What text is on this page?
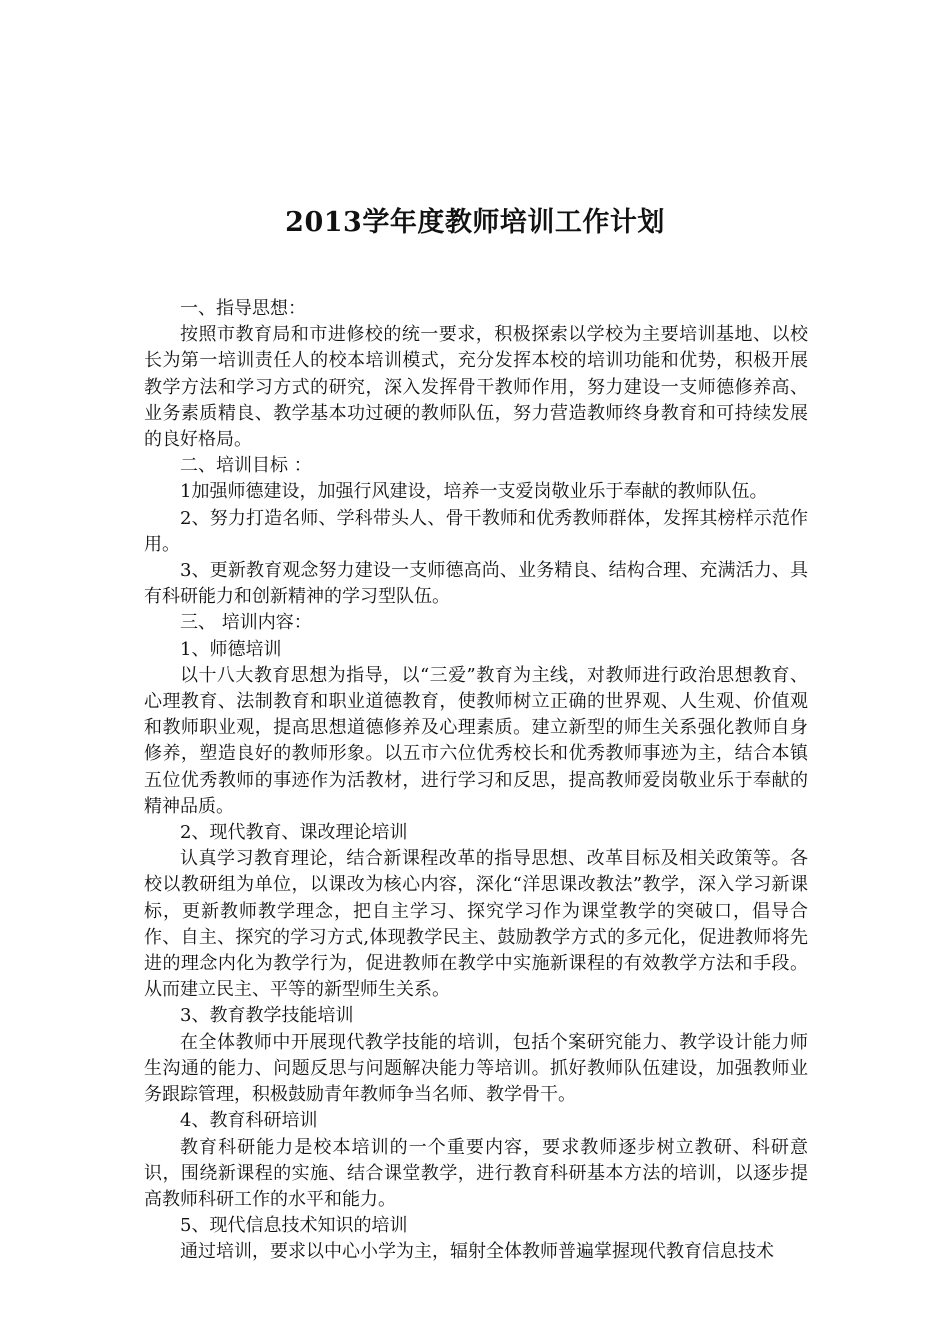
2013学年度教师培训工作计划

一、指导思想：

按照市教育局和市进修校的统一要求，积极探索以学校为主要培训基地、以校长为第一培训责任人的校本培训模式，充分发挥本校的培训功能和优势，积极开展教学方法和学习方式的研究，深入发挥骨干教师作用，努力建设一支师德修养高、业务素质精良、教学基本功过硬的教师队伍，努力营造教师终身教育和可持续发展的良好格局。

二、培训目标 ：

1加强师德建设，加强行风建设，培养一支爱岗敬业乐于奉献的教师队伍。

2、努力打造名师、学科带头人、骨干教师和优秀教师群体，发挥其榜样示范作用。

3、更新教育观念努力建设一支师德高尚、业务精良、结构合理、充满活力、具有科研能力和创新精神的学习型队伍。

三、 培训内容：

1、师德培训

以十八大教育思想为指导，以“三爱”教育为主线，对教师进行政治思想教育、心理教育、法制教育和职业道德教育，使教师树立正确的世界观、人生观、价值观和教师职业观，提高思想道德修养及心理素质。建立新型的师生关系强化教师自身修养，塑造良好的教师形象。以五市六位优秀校长和优秀教师事迹为主，结合本镇五位优秀教师的事迹作为活教材，进行学习和反思，提高教师爱岗敬业乐于奉献的精神品质。

2、现代教育、课改理论培训

认真学习教育理论，结合新课程改革的指导思想、改革目标及相关政策等。各校以教研组为单位，以课改为核心内容，深化“洋思课改教法”教学，深入学习新课标，更新教师教学理念，把自主学习、探究学习作为课堂教学的突破口，倡导合作、自主、探究的学习方式,体现教学民主、鼓励教学方式的多元化，促进教师将先进的理念内化为教学行为，促进教师在教学中实施新课程的有效教学方法和手段。从而建立民主、平等的新型师生关系。

3、教育教学技能培训

在全体教师中开展现代教学技能的培训，包括个案研究能力、教学设计能力师生沟通的能力、问题反思与问题解决能力等培训。抓好教师队伍建设，加强教师业务跟踪管理，积极鼓励青年教师争当名师、教学骨干。

4、教育科研培训

教育科研能力是校本培训的一个重要内容，要求教师逐步树立教研、科研意识，围绕新课程的实施、结合课堂教学，进行教育科研基本方法的培训，以逐步提高教师科研工作的水平和能力。

5、现代信息技术知识的培训

通过培训，要求以中心小学为主，辐射全体教师普遍掌握现代教育信息技术
